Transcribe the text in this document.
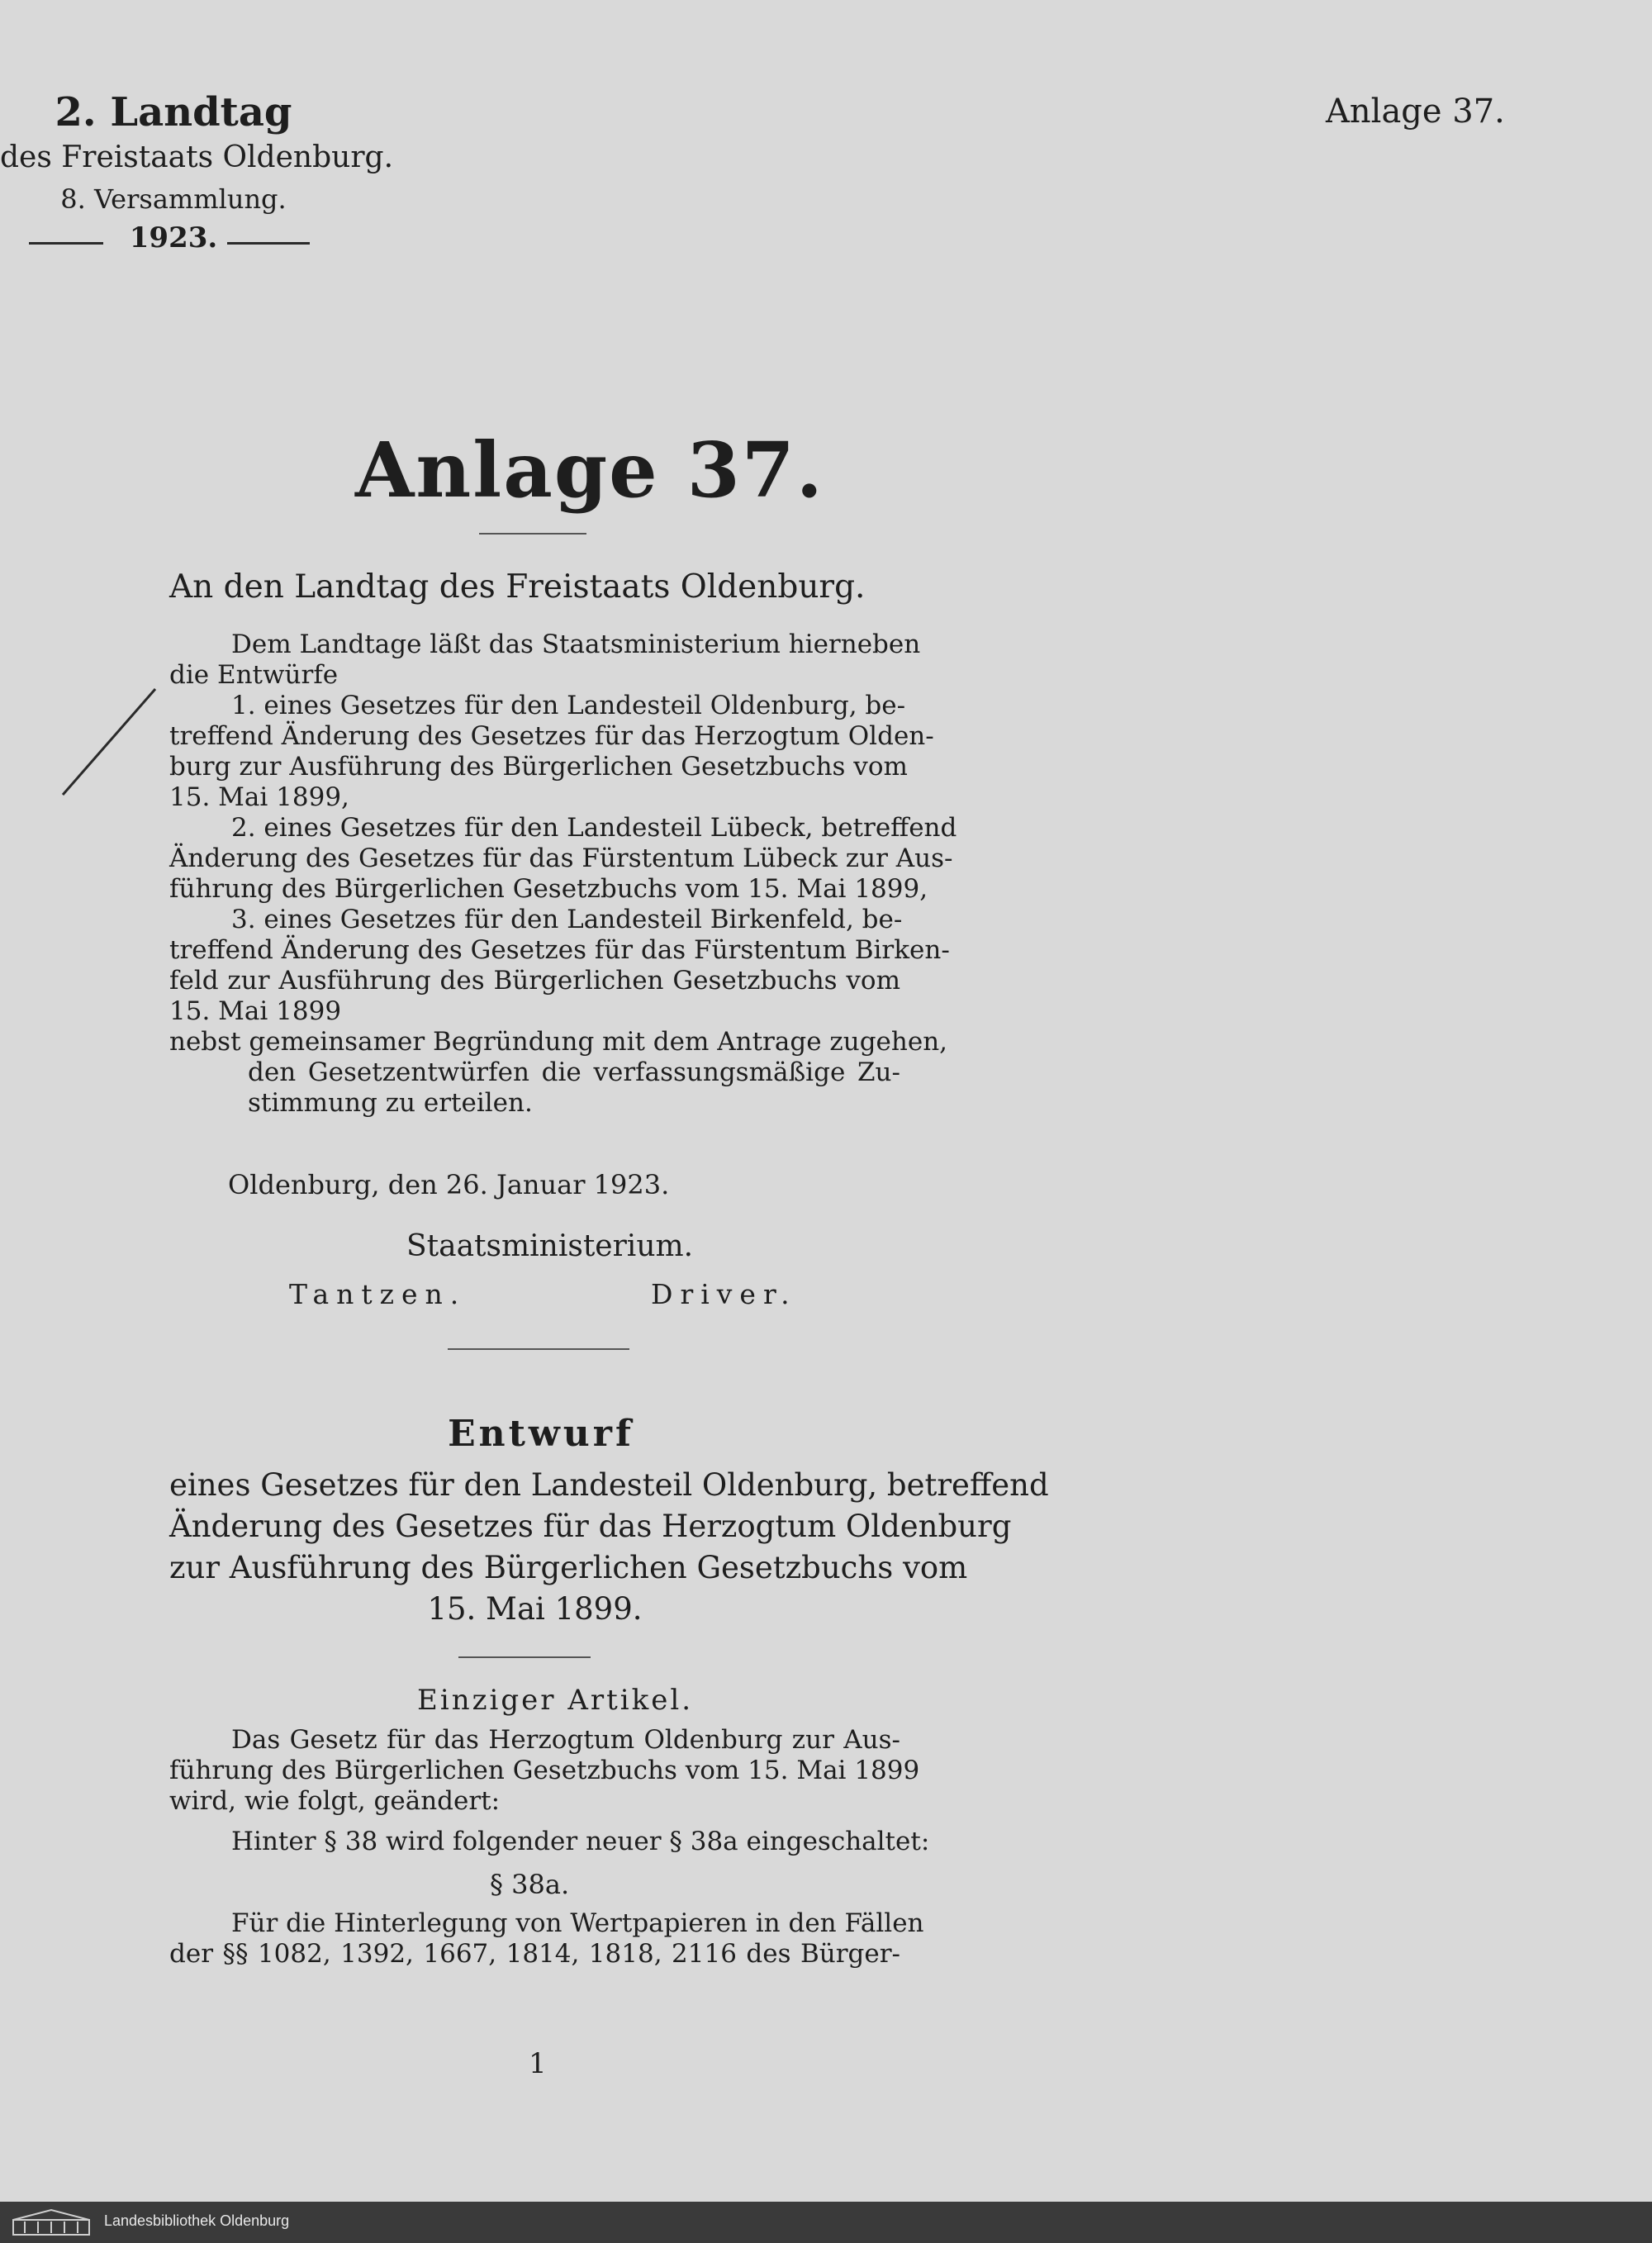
2. Landtag
des Freistaats Oldenburg.
8. Versammlung.
1923.
Anlage 37.
Anlage 37.
An den Landtag des Freistaats Oldenburg.
Dem Landtage läßt das Staatsministerium hierneben
die Entwürfe
1. eines Gesetzes für den Landesteil Oldenburg, be-
treffend Änderung des Gesetzes für das Herzogtum Olden-
burg zur Ausführung des Bürgerlichen Gesetzbuchs vom
15. Mai 1899,
2. eines Gesetzes für den Landesteil Lübeck, betreffend
Änderung des Gesetzes für das Fürstentum Lübeck zur Aus-
führung des Bürgerlichen Gesetzbuchs vom 15. Mai 1899,
3. eines Gesetzes für den Landesteil Birkenfeld, be-
treffend Änderung des Gesetzes für das Fürstentum Birken-
feld zur Ausführung des Bürgerlichen Gesetzbuchs vom
15. Mai 1899
nebst gemeinsamer Begründung mit dem Antrage zugehen,
den Gesetzentwürfen die verfassungsmäßige Zu-
stimmung zu erteilen.
Oldenburg, den 26. Januar 1923.
Staatsministerium.
Tantzen.	Driver.
Entwurf
eines Gesetzes für den Landesteil Oldenburg, betreffend
Änderung des Gesetzes für das Herzogtum Oldenburg
zur Ausführung des Bürgerlichen Gesetzbuchs vom
15. Mai 1899.
Einziger Artikel.
Das Gesetz für das Herzogtum Oldenburg zur Aus-
führung des Bürgerlichen Gesetzbuchs vom 15. Mai 1899
wird, wie folgt, geändert:
Hinter § 38 wird folgender neuer § 38a eingeschaltet:
§ 38a.
Für die Hinterlegung von Wertpapieren in den Fällen
der §§ 1082, 1392, 1667, 1814, 1818, 2116 des Bürger-
1
Landesbibliothek Oldenburg
